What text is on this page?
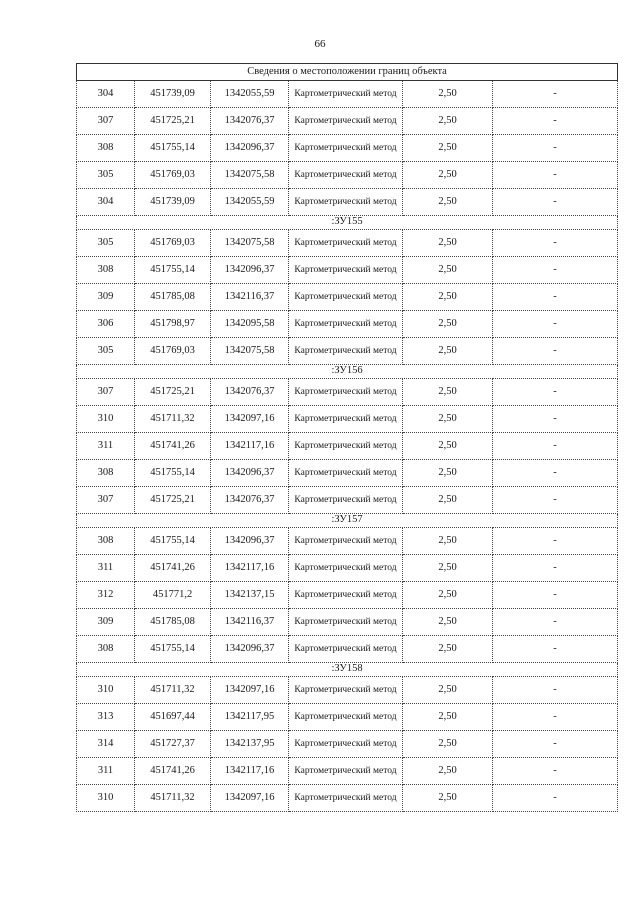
66
Сведения о местоположении границ объекта					
304	451739,09	1342055,59	Картометрический метод	2,50	-
307	451725,21	1342076,37	Картометрический метод	2,50	-
308	451755,14	1342096,37	Картометрический метод	2,50	-
305	451769,03	1342075,58	Картометрический метод	2,50	-
304	451739,09	1342055,59	Картометрический метод	2,50	-
:ЗУ155					
305	451769,03	1342075,58	Картометрический метод	2,50	-
308	451755,14	1342096,37	Картометрический метод	2,50	-
309	451785,08	1342116,37	Картометрический метод	2,50	-
306	451798,97	1342095,58	Картометрический метод	2,50	-
305	451769,03	1342075,58	Картометрический метод	2,50	-
:ЗУ156					
307	451725,21	1342076,37	Картометрический метод	2,50	-
310	451711,32	1342097,16	Картометрический метод	2,50	-
311	451741,26	1342117,16	Картометрический метод	2,50	-
308	451755,14	1342096,37	Картометрический метод	2,50	-
307	451725,21	1342076,37	Картометрический метод	2,50	-
:ЗУ157					
308	451755,14	1342096,37	Картометрический метод	2,50	-
311	451741,26	1342117,16	Картометрический метод	2,50	-
312	451771,2	1342137,15	Картометрический метод	2,50	-
309	451785,08	1342116,37	Картометрический метод	2,50	-
308	451755,14	1342096,37	Картометрический метод	2,50	-
:ЗУ158					
310	451711,32	1342097,16	Картометрический метод	2,50	-
313	451697,44	1342117,95	Картометрический метод	2,50	-
314	451727,37	1342137,95	Картометрический метод	2,50	-
311	451741,26	1342117,16	Картометрический метод	2,50	-
310	451711,32	1342097,16	Картометрический метод	2,50	-
